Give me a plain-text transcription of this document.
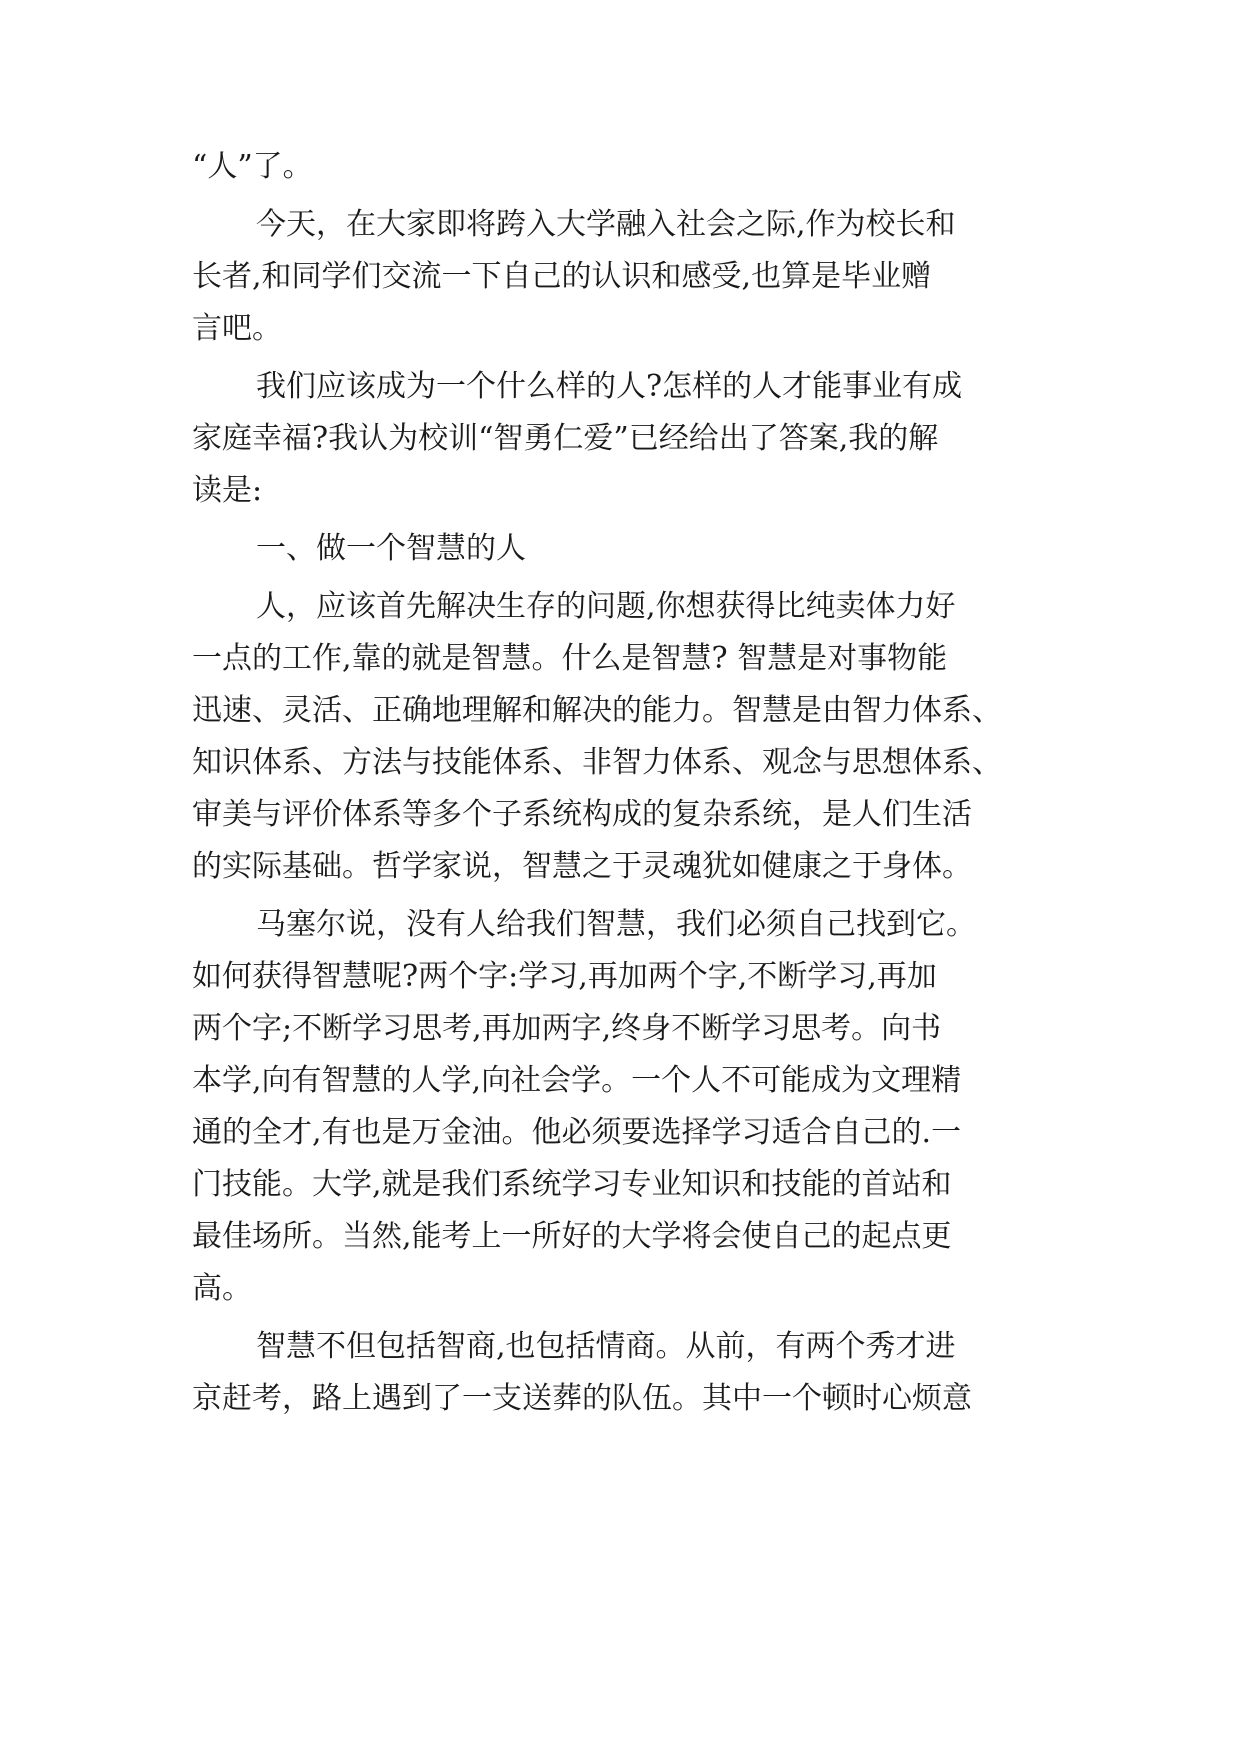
“人”了。
今天，在大家即将跨入大学融入社会之际,作为校长和
长者,和同学们交流一下自己的认识和感受,也算是毕业赠
言吧。
我们应该成为一个什么样的人?怎样的人才能事业有成
家庭幸福?我认为校训“智勇仁爱”已经给出了答案,我的解
读是:
一、做一个智慧的人
人，应该首先解决生存的问题,你想获得比纯卖体力好
一点的工作,靠的就是智慧。什么是智慧? 智慧是对事物能
迅速、灵活、正确地理解和解决的能力。智慧是由智力体系、
知识体系、方法与技能体系、非智力体系、观念与思想体系、
审美与评价体系等多个子系统构成的复杂系统，是人们生活
的实际基础。哲学家说，智慧之于灵魂犹如健康之于身体。
马塞尔说，没有人给我们智慧，我们必须自己找到它。
如何获得智慧呢?两个字:学习,再加两个字,不断学习,再加
两个字;不断学习思考,再加两字,终身不断学习思考。向书
本学,向有智慧的人学,向社会学。一个人不可能成为文理精
通的全才,有也是万金油。他必须要选择学习适合自己的.一
门技能。大学,就是我们系统学习专业知识和技能的首站和
最佳场所。当然,能考上一所好的大学将会使自己的起点更
高。
智慧不但包括智商,也包括情商。从前，有两个秀才进
京赶考，路上遇到了一支送葬的队伍。其中一个顿时心烦意
